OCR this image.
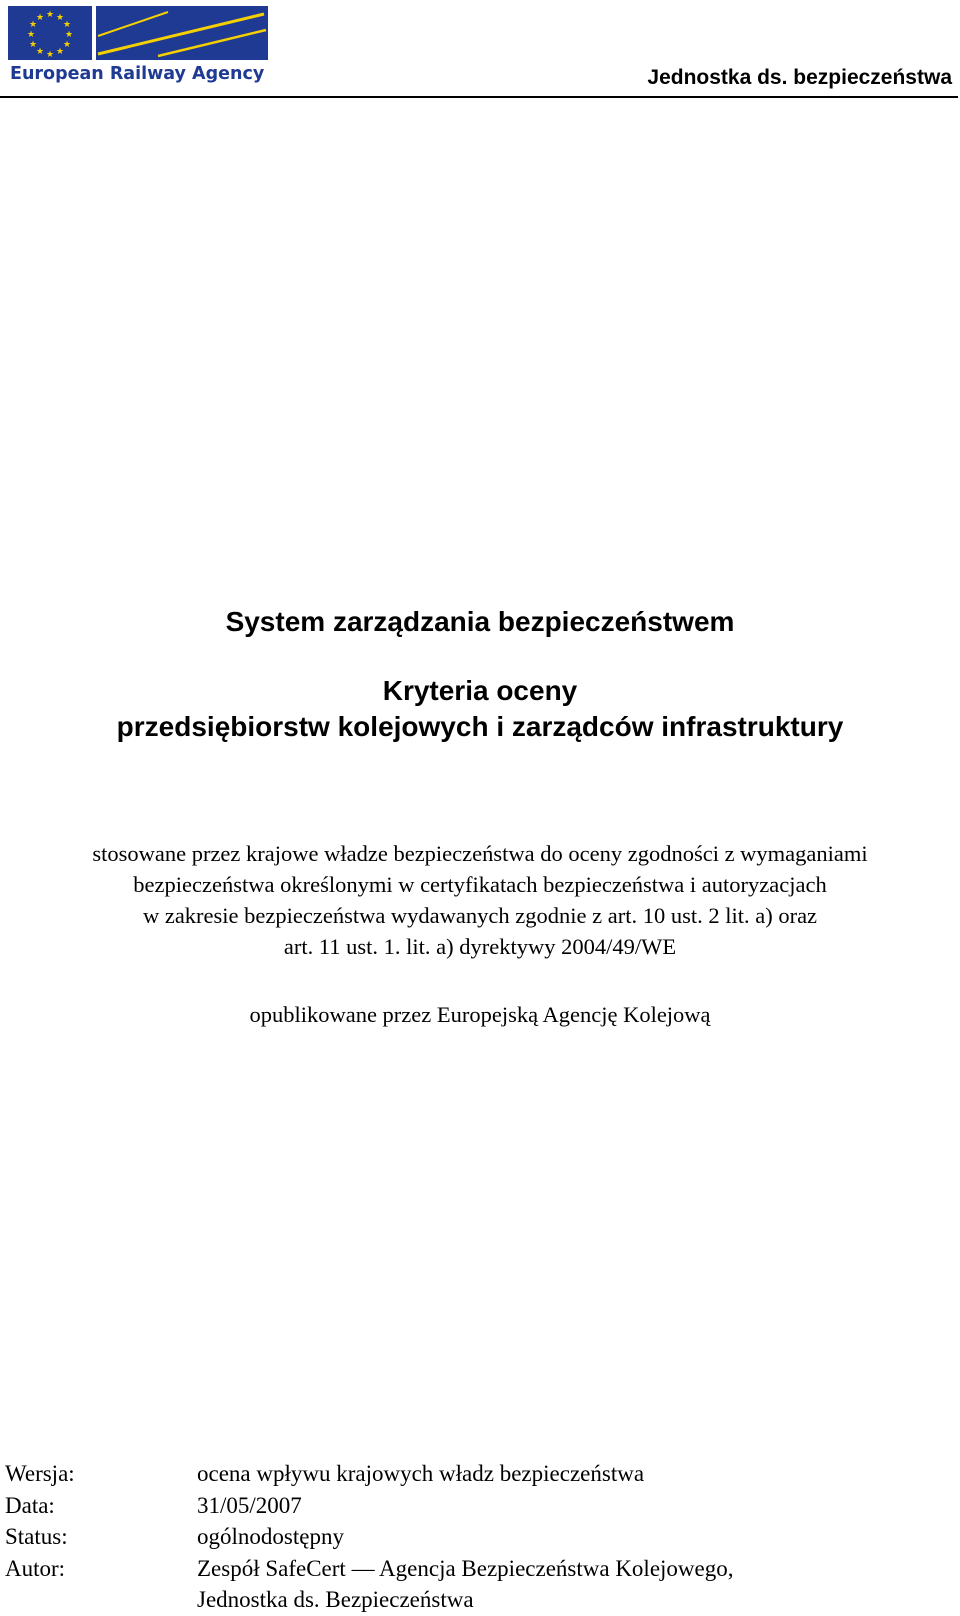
★ ★
★
★
★
★
★
★
★
★
★
★
European Railway Agency	Jednostka ds. bezpieczeństwa
System zarządzania bezpieczeństwem
Kryteria oceny
przedsiębiorstw kolejowych i zarządców infrastruktury
stosowane przez krajowe władze bezpieczeństwa do oceny zgodności z wymaganiami
bezpieczeństwa określonymi w certyfikatach bezpieczeństwa i autoryzacjach
w zakresie bezpieczeństwa wydawanych zgodnie z art. 10 ust. 2 lit. a) oraz
art. 11 ust. 1. lit. a) dyrektywy 2004/49/WE
opublikowane przez Europejską Agencję Kolejową
Wersja:	ocena wpływu krajowych władz bezpieczeństwa
Data:	31/05/2007
Status:	ogólnodostępny
Autor:	Zespół SafeCert — Agencja Bezpieczeństwa Kolejowego,
Jednostka ds. Bezpieczeństwa
